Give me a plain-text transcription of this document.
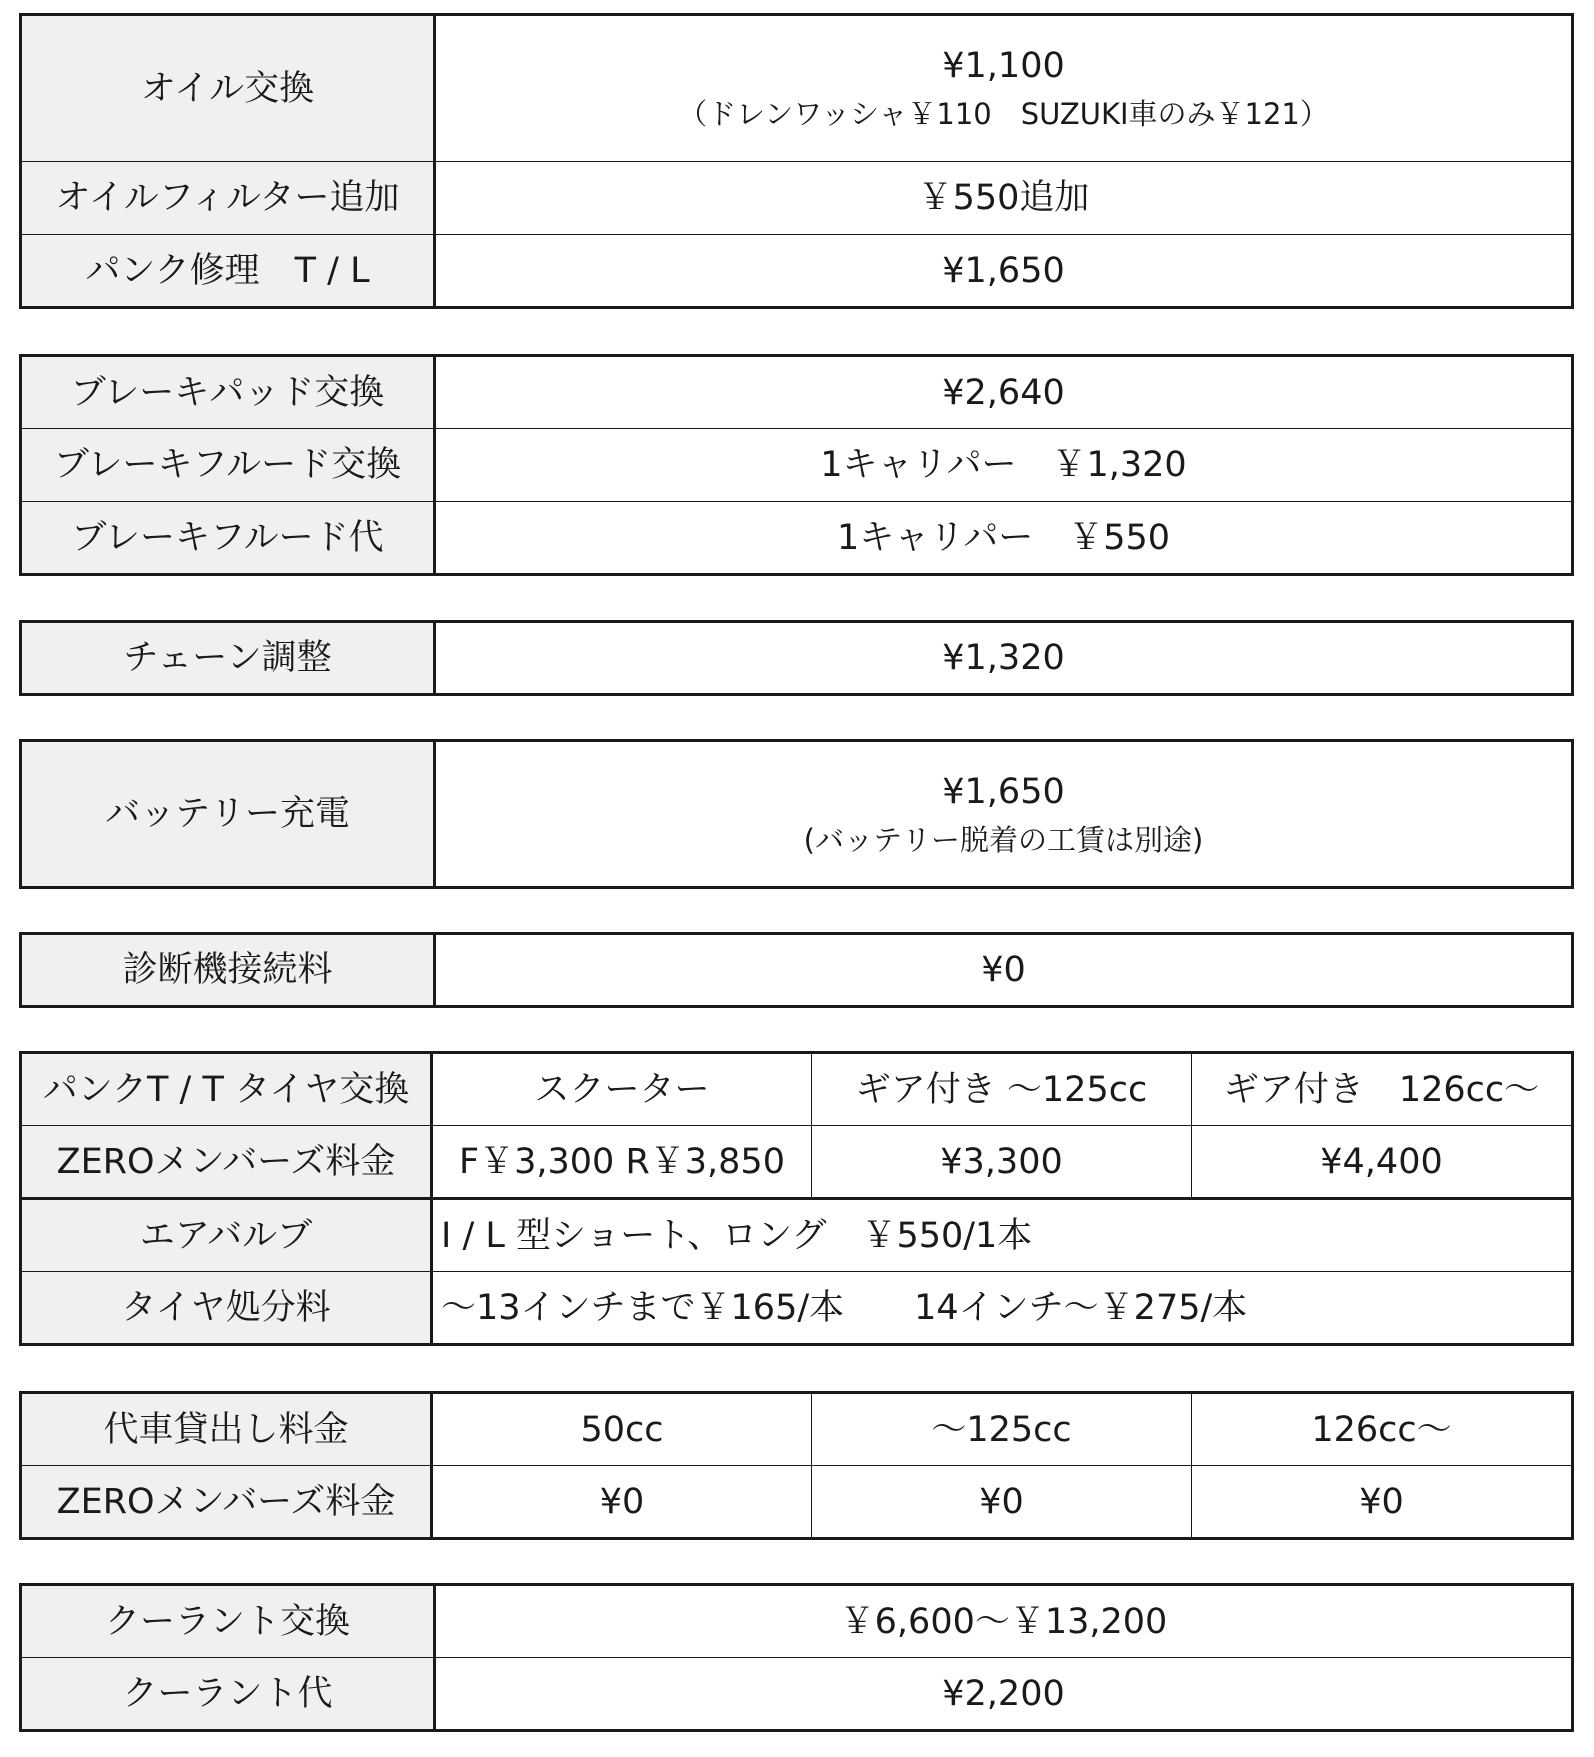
オイル交換	¥1,100
（ドレンワッシャ￥110　SUZUKI車のみ￥121）

オイルフィルター追加	￥550追加
パンク修理　T / L	¥1,650
ブレーキパッド交換	¥2,640
ブレーキフルード交換	1キャリパー　￥1,320
ブレーキフルード代	1キャリパー　￥550
チェーン調整	¥1,320
バッテリー充電	¥1,650
(バッテリー脱着の工賃は別途)
診断機接続料	¥0
パンクT / T タイヤ交換	スクーター	ギア付き ～125cc	ギア付き　126cc～
ZEROメンバーズ料金	F￥3,300 R￥3,850	¥3,300	¥4,400
エアバルブ	I / L 型ショート、ロング　￥550/1本		
タイヤ処分料	～13インチまで￥165/本　　14インチ～￥275/本		
代車貸出し料金	50cc	～125cc	126cc～
ZEROメンバーズ料金	¥0	¥0	¥0
クーラント交換	￥6,600～￥13,200
クーラント代	¥2,200
